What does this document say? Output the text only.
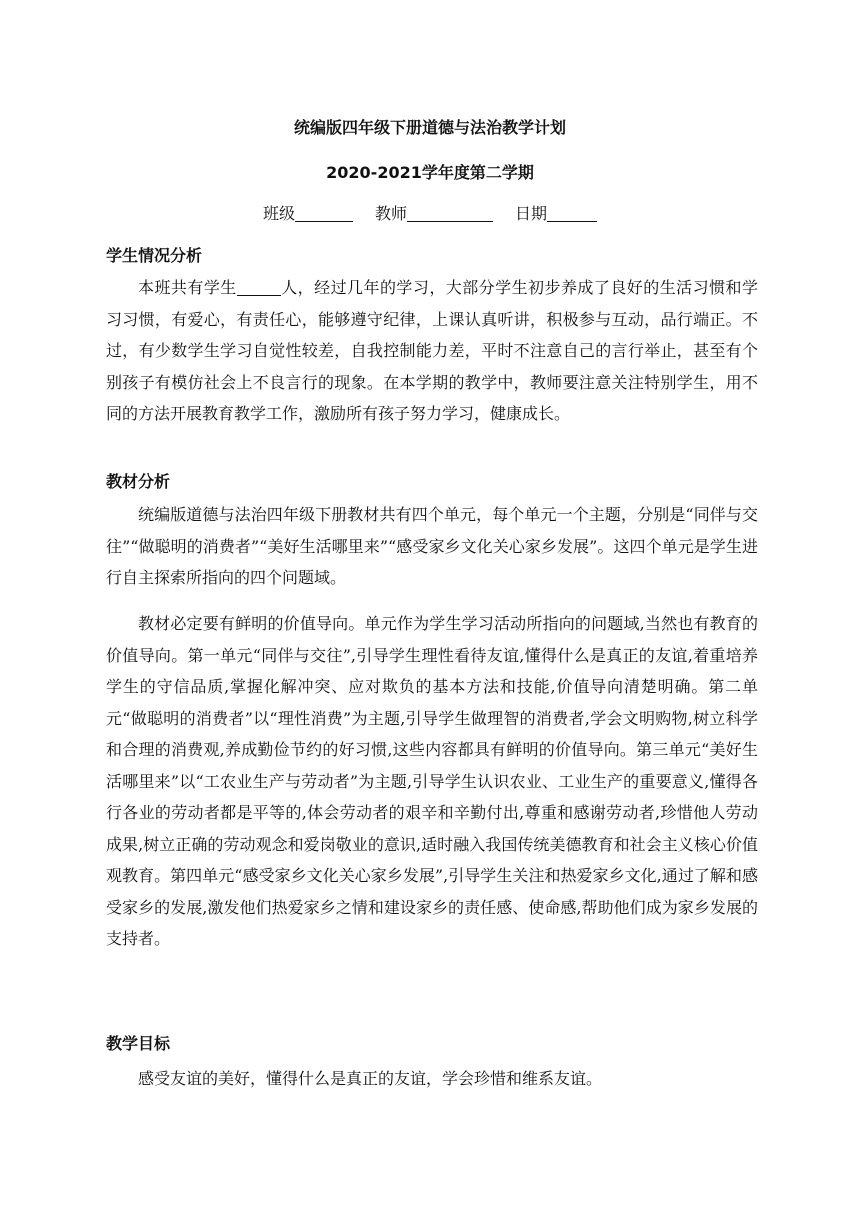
统编版四年级下册道德与法治教学计划
2020-2021学年度第二学期
班级	教师	日期
学生情况分析

本班共有学生	人，经过几年的学习，大部分学生初步养成了良好的生活习惯和学习习惯，有爱心，有责任心，能够遵守纪律，上课认真听讲，积极参与互动，品行端正。不过，有少数学生学习自觉性较差，自我控制能力差，平时不注意自己的言行举止，甚至有个别孩子有模仿社会上不良言行的现象。在本学期的教学中，教师要注意关注特别学生，用不同的方法开展教育教学工作，激励所有孩子努力学习，健康成长。

教材分析

统编版道德与法治四年级下册教材共有四个单元，每个单元一个主题，分别是“同伴与交往”“做聪明的消费者”“美好生活哪里来”“感受家乡文化关心家乡发展”。这四个单元是学生进行自主探索所指向的四个问题域。

教材必定要有鲜明的价值导向。单元作为学生学习活动所指向的问题域,当然也有教育的价值导向。第一单元“同伴与交往”,引导学生理性看待友谊,懂得什么是真正的友谊,着重培养学生的守信品质,掌握化解冲突、应对欺负的基本方法和技能,价值导向清楚明确。第二单元“做聪明的消费者”以“理性消费”为主题,引导学生做理智的消费者,学会文明购物,树立科学和合理的消费观,养成勤俭节约的好习惯,这些内容都具有鲜明的价值导向。第三单元“美好生活哪里来”以“工农业生产与劳动者”为主题,引导学生认识农业、工业生产的重要意义,懂得各行各业的劳动者都是平等的,体会劳动者的艰辛和辛勤付出,尊重和感谢劳动者,珍惜他人劳动成果,树立正确的劳动观念和爱岗敬业的意识,适时融入我国传统美德教育和社会主义核心价值观教育。第四单元“感受家乡文化关心家乡发展”,引导学生关注和热爱家乡文化,通过了解和感受家乡的发展,激发他们热爱家乡之情和建设家乡的责任感、使命感,帮助他们成为家乡发展的支持者。

教学目标

感受友谊的美好，懂得什么是真正的友谊，学会珍惜和维系友谊。
